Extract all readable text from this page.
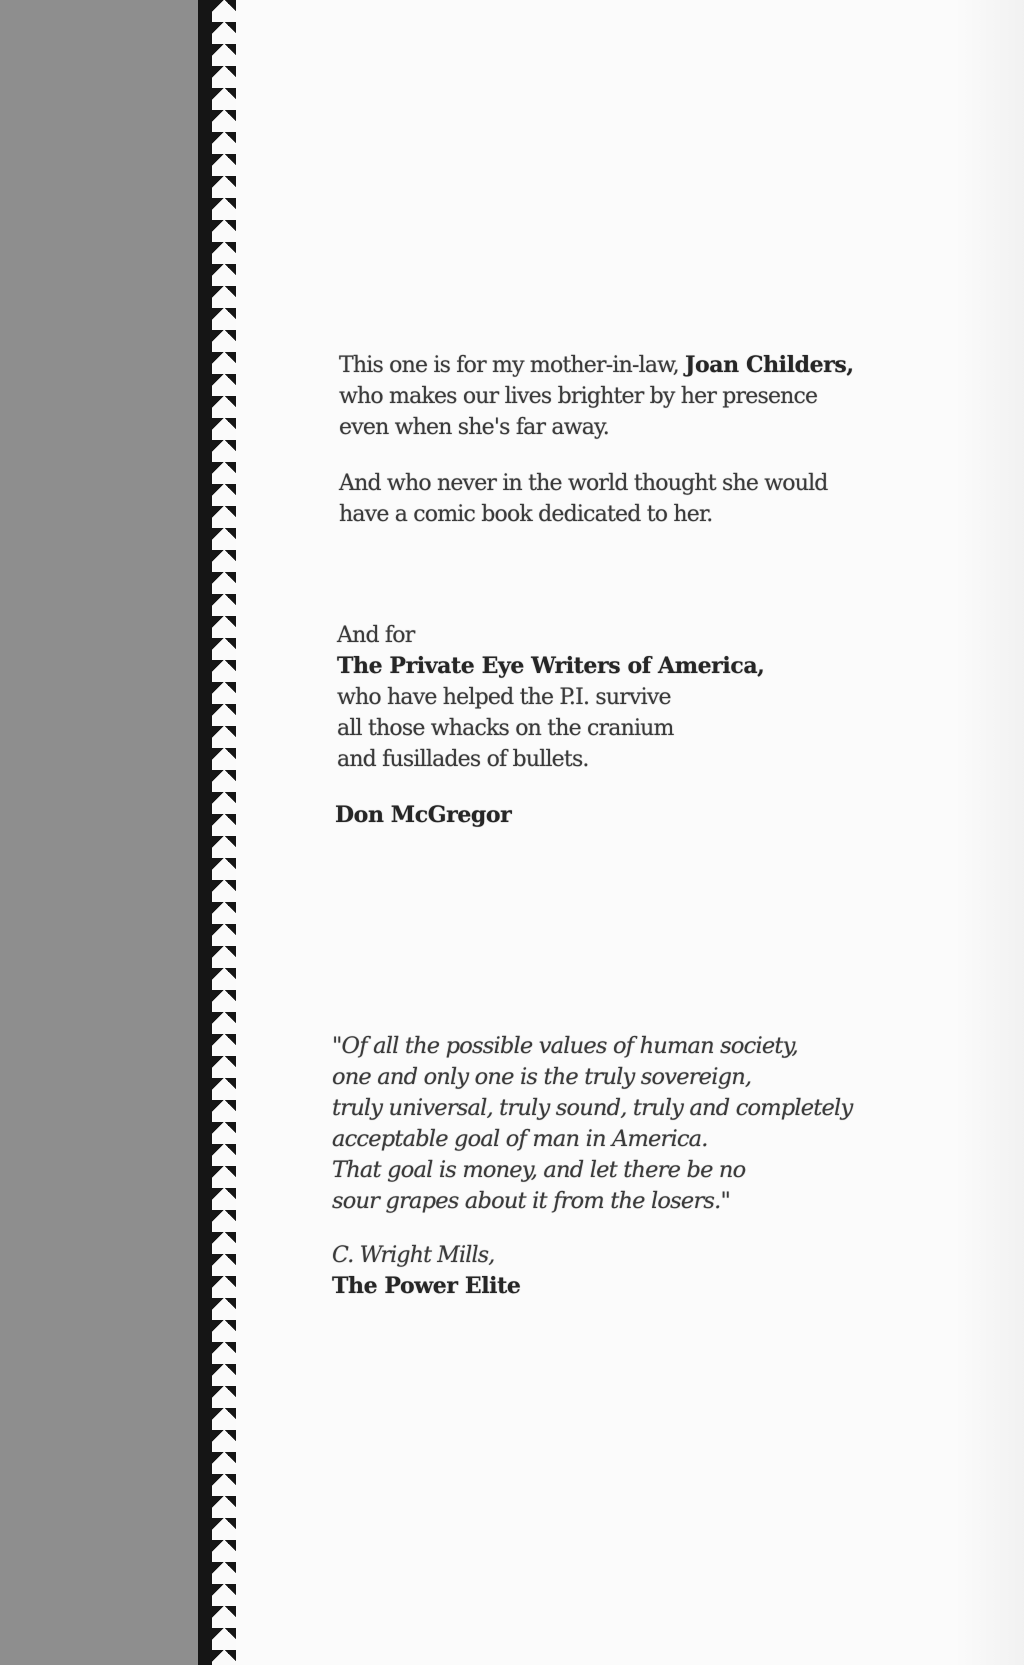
This one is for my mother-in-law, Joan Childers,
who makes our lives brighter by her presence
even when she's far away.
And who never in the world thought she would
have a comic book dedicated to her.
And for
The Private Eye Writers of America,
who have helped the P.I. survive
all those whacks on the cranium
and fusillades of bullets.
Don McGregor
"Of all the possible values of human society,
one and only one is the truly sovereign,
truly universal, truly sound, truly and completely
acceptable goal of man in America.
That goal is money, and let there be no
sour grapes about it from the losers."
C. Wright Mills,
The Power Elite
